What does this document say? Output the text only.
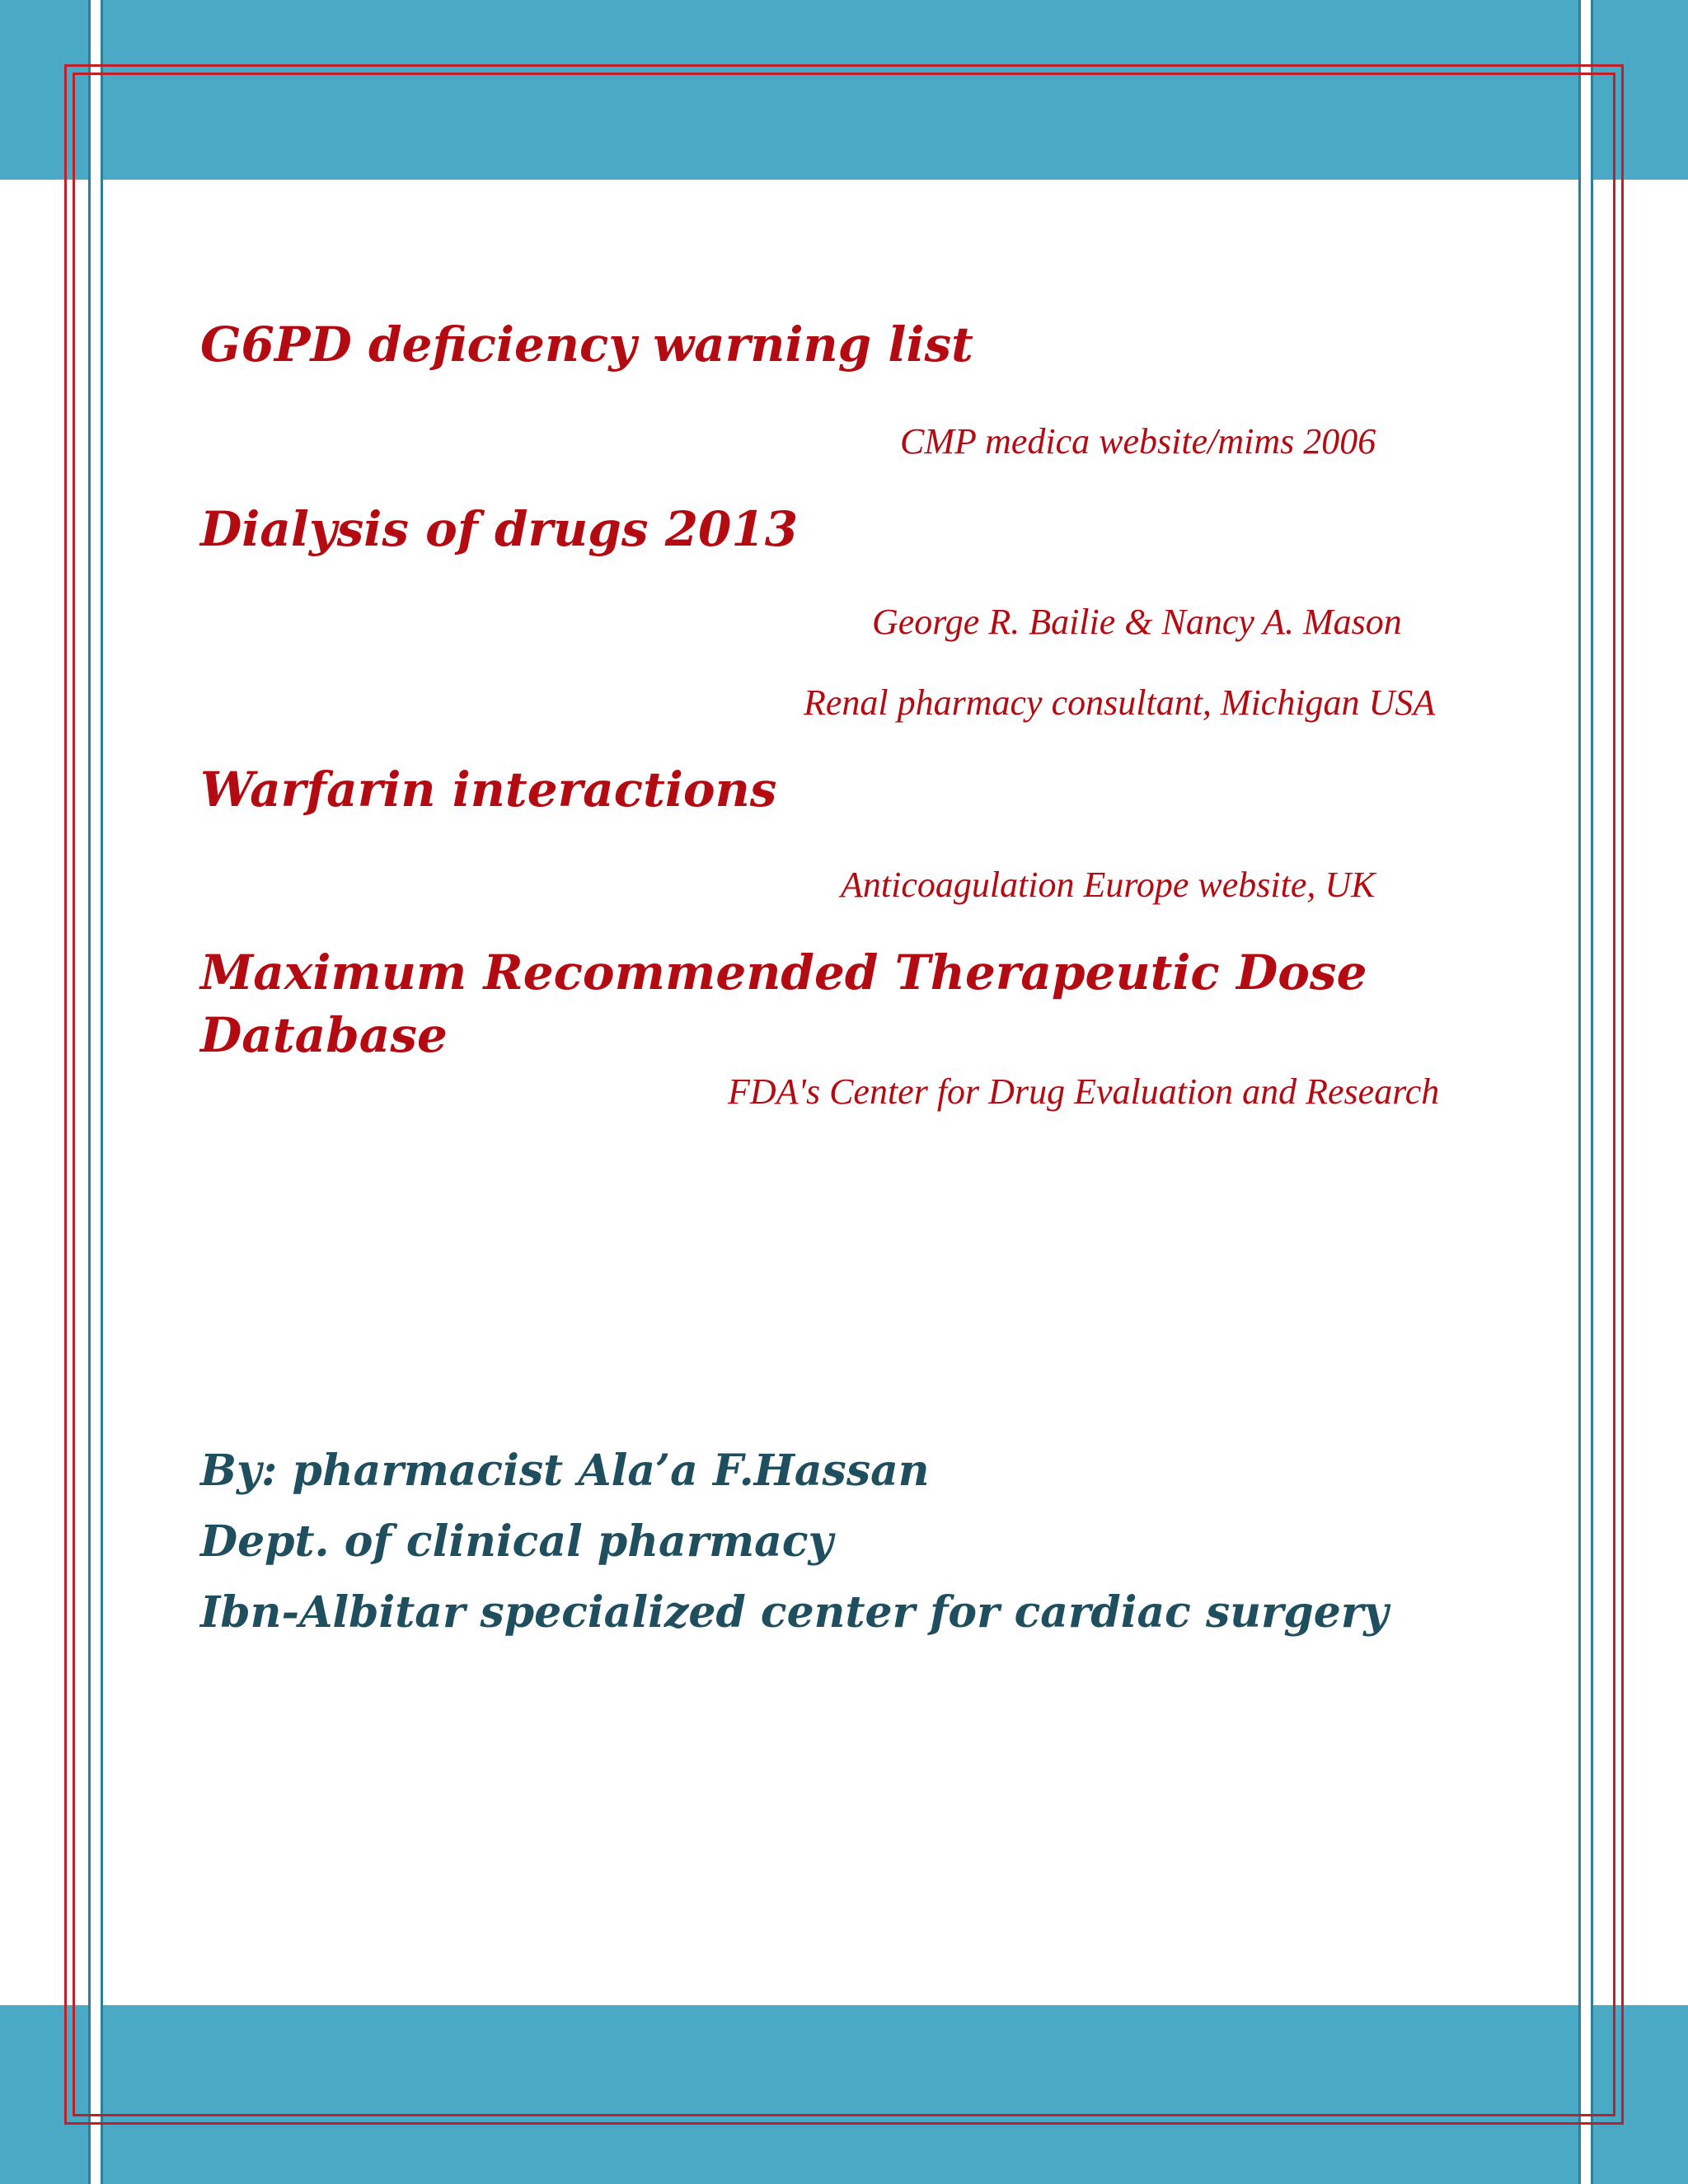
G6PD deficiency warning list

CMP medica website/mims 2006

Dialysis of drugs 2013

George R. Bailie & Nancy A. Mason

Renal pharmacy consultant, Michigan USA

Warfarin interactions

Anticoagulation Europe website, UK

Maximum Recommended Therapeutic Dose
Database

FDA's Center for Drug Evaluation and Research

By: pharmacist Ala’a F.Hassan

Dept. of clinical pharmacy

Ibn-Albitar specialized center for cardiac surgery
